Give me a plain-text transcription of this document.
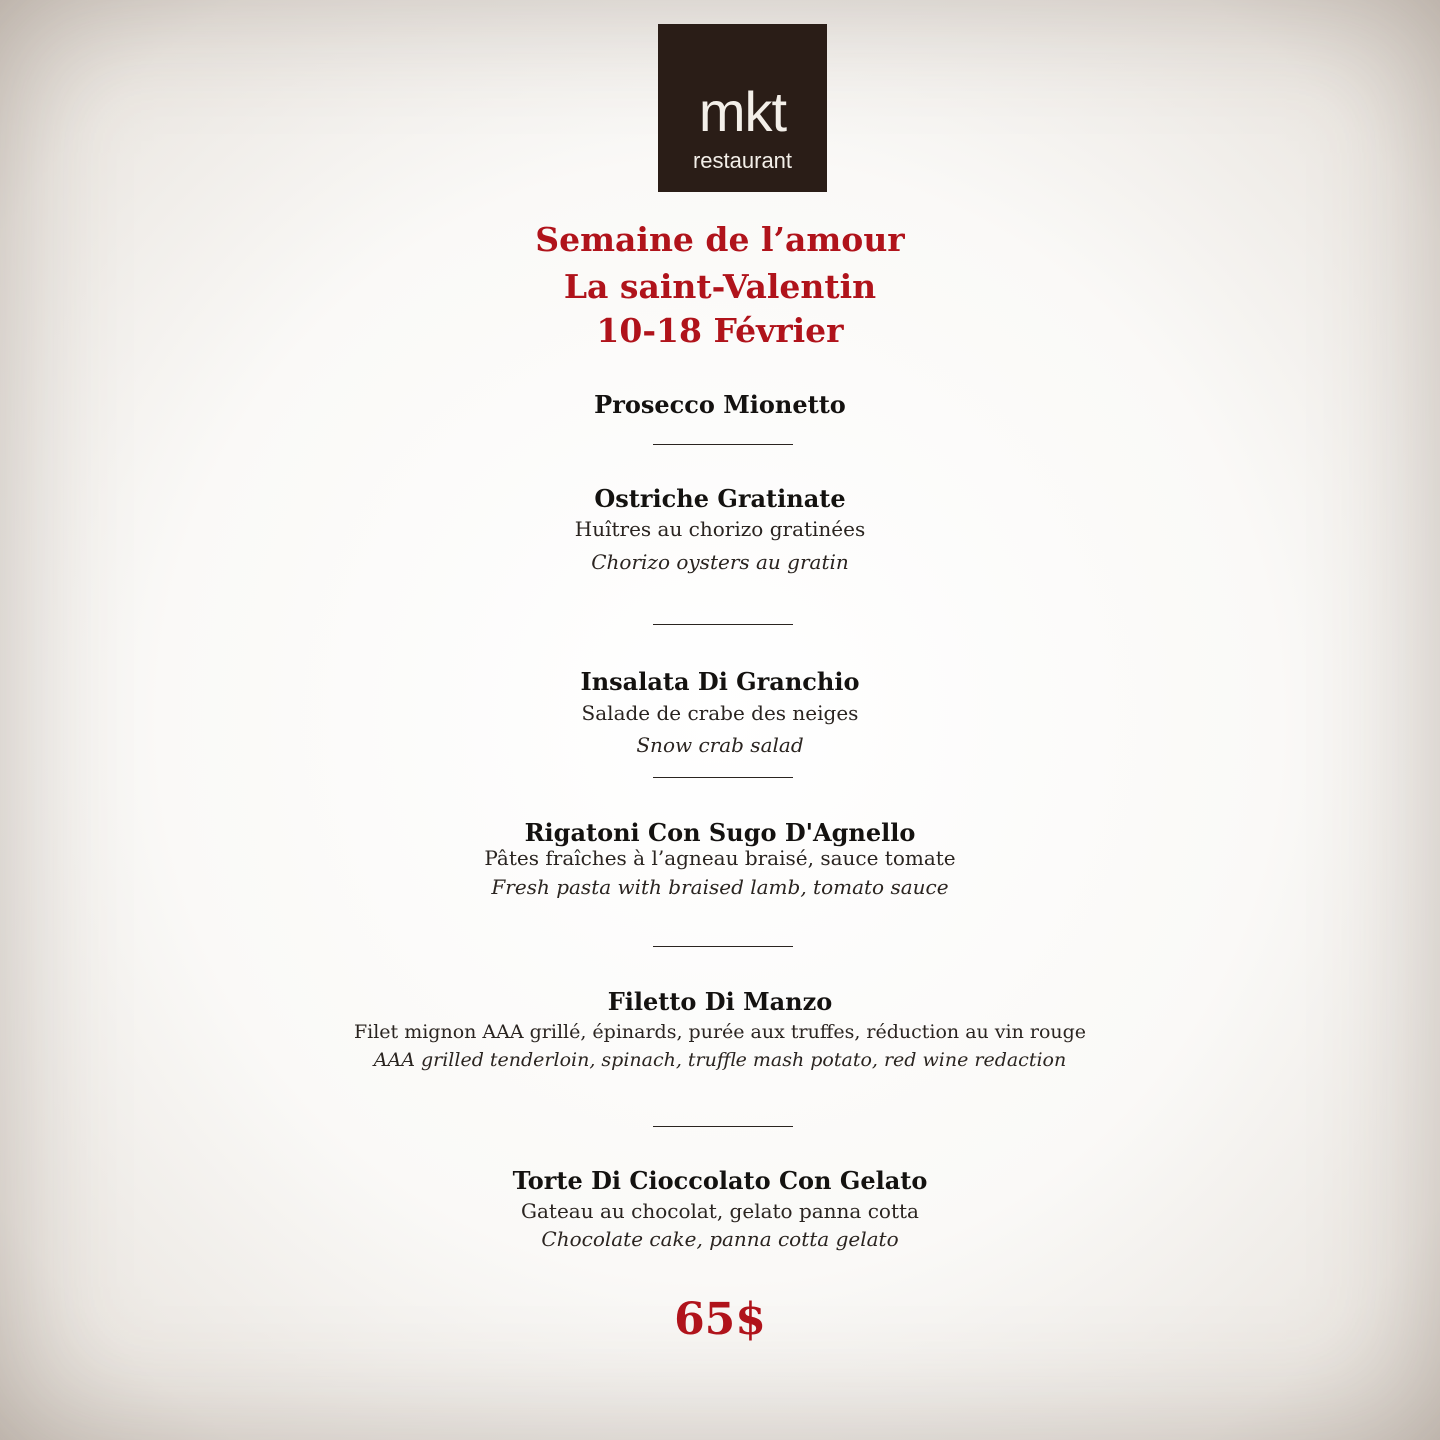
mkt
restaurant
Semaine de l’amour
La saint-Valentin
10-18 Février
Prosecco Mionetto
Ostriche Gratinate
Huîtres au chorizo gratinées
Chorizo oysters au gratin
Insalata Di Granchio
Salade de crabe des neiges
Snow crab salad
Rigatoni Con Sugo D'Agnello
Pâtes fraîches à l’agneau braisé, sauce tomate
Fresh pasta with braised lamb, tomato sauce
Filetto Di Manzo
Filet mignon AAA grillé, épinards, purée aux truffes, réduction au vin rouge
AAA grilled tenderloin, spinach, truffle mash potato, red wine redaction
Torte Di Cioccolato Con Gelato
Gateau au chocolat, gelato panna cotta
Chocolate cake, panna cotta gelato
65$
